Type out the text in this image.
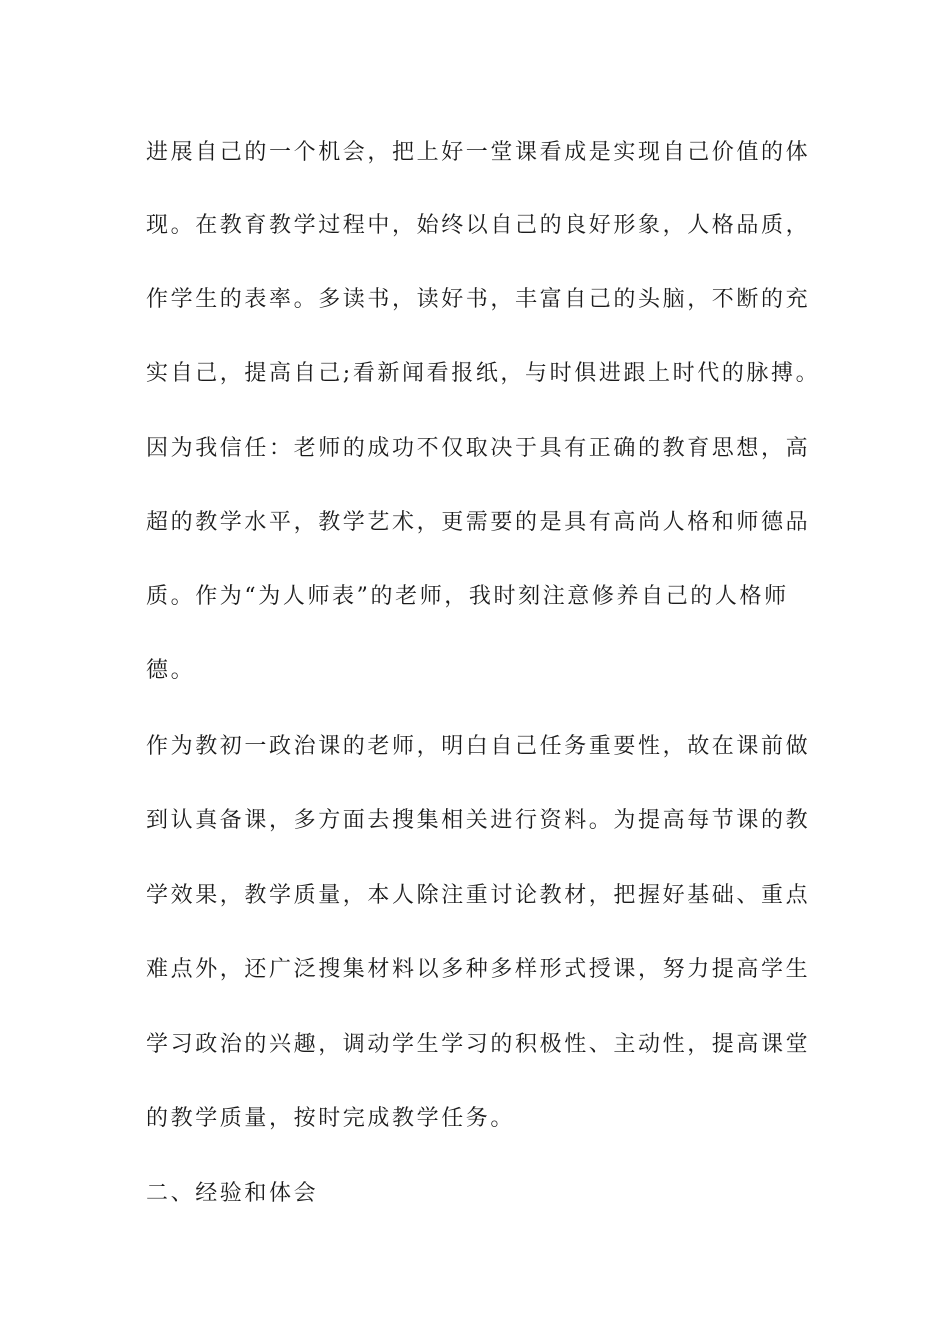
进展自己的一个机会，把上好一堂课看成是实现自己价值的体
现。在教育教学过程中，始终以自己的良好形象，人格品质，
作学生的表率。多读书，读好书，丰富自己的头脑，不断的充
实自己，提高自己;看新闻看报纸，与时俱进跟上时代的脉搏。
因为我信任：老师的成功不仅取决于具有正确的教育思想，高
超的教学水平，教学艺术，更需要的是具有高尚人格和师德品
质。作为“为人师表”的老师，我时刻注意修养自己的人格师
德。
作为教初一政治课的老师，明白自己任务重要性，故在课前做
到认真备课，多方面去搜集相关进行资料。为提高每节课的教
学效果，教学质量，本人除注重讨论教材，把握好基础、重点
难点外，还广泛搜集材料以多种多样形式授课，努力提高学生
学习政治的兴趣，调动学生学习的积极性、主动性，提高课堂
的教学质量，按时完成教学任务。
二、经验和体会
